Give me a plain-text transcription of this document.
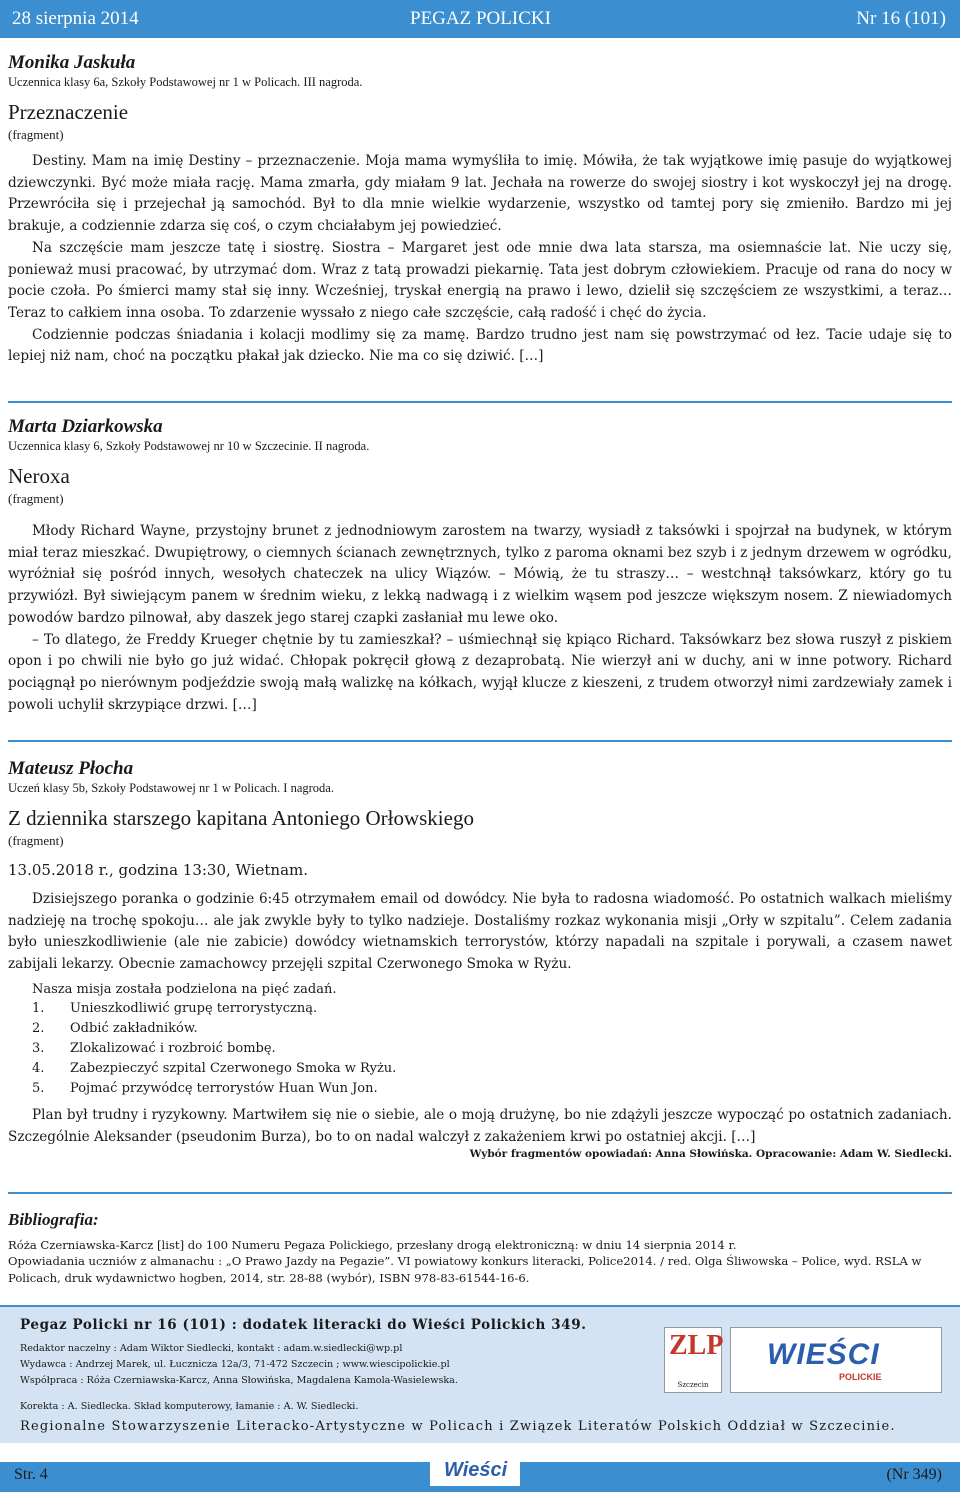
28 sierpnia 2014	PEGAZ POLICKI	Nr 16 (101)

Monika Jaskuła

Uczennica klasy 6a, Szkoły Podstawowej nr 1 w Policach. III nagroda.

Przeznaczenie

(fragment)

Destiny. Mam na imię Destiny – przeznaczenie. Moja mama wymyśliła to imię. Mówiła, że tak wyjątkowe imię pasuje do wyjątkowej dziewczynki. Być może miała rację. Mama zmarła, gdy miałam 9 lat. Jechała na rowerze do swojej siostry i kot wyskoczył jej na drogę. Przewróciła się i przejechał ją samochód. Był to dla mnie wielkie wydarzenie, wszystko od tamtej pory się zmieniło. Bardzo mi jej brakuje, a codziennie zdarza się coś, o czym chciałabym jej powiedzieć.

Na szczęście mam jeszcze tatę i siostrę. Siostra – Margaret jest ode mnie dwa lata starsza, ma osiemnaście lat. Nie uczy się, ponieważ musi pracować, by utrzymać dom. Wraz z tatą prowadzi piekarnię. Tata jest dobrym człowiekiem. Pracuje od rana do nocy w pocie czoła. Po śmierci mamy stał się inny. Wcześniej, tryskał energią na prawo i lewo, dzielił się szczęściem ze wszystkimi, a teraz… Teraz to całkiem inna osoba. To zdarzenie wyssało z niego całe szczęście, całą radość i chęć do życia.

Codziennie podczas śniadania i kolacji modlimy się za mamę. Bardzo trudno jest nam się powstrzymać od łez. Tacie udaje się to lepiej niż nam, choć na początku płakał jak dziecko. Nie ma co się dziwić. […]

Marta Dziarkowska

Uczennica klasy 6, Szkoły Podstawowej nr 10 w Szczecinie. II nagroda.

Neroxa

(fragment)

Młody Richard Wayne, przystojny brunet z jednodniowym zarostem na twarzy, wysiadł z taksówki i spojrzał na budynek, w którym miał teraz mieszkać. Dwupiętrowy, o ciemnych ścianach zewnętrznych, tylko z paroma oknami bez szyb i z jednym drzewem w ogródku, wyróżniał się pośród innych, wesołych chateczek na ulicy Wiązów. – Mówią, że tu straszy… – westchnął taksówkarz, który go tu przywiózł. Był siwiejącym panem w średnim wieku, z lekką nadwagą i z wielkim wąsem pod jeszcze większym nosem. Z niewiadomych powodów bardzo pilnował, aby daszek jego starej czapki zasłaniał mu lewe oko.

– To dlatego, że Freddy Krueger chętnie by tu zamieszkał? – uśmiechnął się kpiąco Richard. Taksówkarz bez słowa ruszył z piskiem opon i po chwili nie było go już widać. Chłopak pokręcił głową z dezaprobatą. Nie wierzył ani w duchy, ani w inne potwory. Richard pociągnął po nierównym podjeździe swoją małą walizkę na kółkach, wyjął klucze z kieszeni, z trudem otworzył nimi zardzewiały zamek i powoli uchylił skrzypiące drzwi. […]

Mateusz Płocha

Uczeń klasy 5b, Szkoły Podstawowej nr 1 w Policach. I nagroda.

Z dziennika starszego kapitana Antoniego Orłowskiego

(fragment)

13.05.2018 r., godzina 13:30, Wietnam.

Dzisiejszego poranka o godzinie 6:45 otrzymałem email od dowódcy. Nie była to radosna wiadomość. Po ostatnich walkach mieliśmy nadzieję na trochę spokoju… ale jak zwykle były to tylko nadzieje. Dostaliśmy rozkaz wykonania misji „Orły w szpitalu”. Celem zadania było unieszkodliwienie (ale nie zabicie) dowódcy wietnamskich terrorystów, którzy napadali na szpitale i porywali, a czasem nawet zabijali lekarzy. Obecnie zamachowcy przejęli szpital Czerwonego Smoka w Ryżu.

Nasza misja została podzielona na pięć zadań.

1. Unieszkodliwić grupę terrorystyczną.
2. Odbić zakładników.
3. Zlokalizować i rozbroić bombę.
4. Zabezpieczyć szpital Czerwonego Smoka w Ryżu.
5. Pojmać przywódcę terrorystów Huan Wun Jon.

Plan był trudny i ryzykowny. Martwiłem się nie o siebie, ale o moją drużynę, bo nie zdążyli jeszcze wypocząć po ostatnich zadaniach. Szczególnie Aleksander (pseudonim Burza), bo to on nadal walczył z zakażeniem krwi po ostatniej akcji. […]

Wybór fragmentów opowiadań: Anna Słowińska. Opracowanie: Adam W. Siedlecki.

Bibliografia:

Róża Czerniawska-Karcz [list] do 100 Numeru Pegaza Polickiego, przesłany drogą elektroniczną: w dniu 14 sierpnia 2014 r.

Opowiadania uczniów z almanachu : „O Prawo Jazdy na Pegazie”. VI powiatowy konkurs literacki, Police2014. / red. Olga Śliwowska – Police, wyd. RSLA w Policach, druk wydawnictwo hogben, 2014, str. 28-88 (wybór), ISBN 978-83-61544-16-6.

Pegaz Policki nr 16 (101) : dodatek literacki do Wieści Polickich 349.
Redaktor naczelny : Adam Wiktor Siedlecki, kontakt : adam.w.siedlecki@wp.pl
Wydawca : Andrzej Marek, ul. Łucznicza 12a/3, 71-472 Szczecin ; www.wiescipolickie.pl
Współpraca : Róża Czerniawska-Karcz, Anna Słowińska, Magdalena Kamola-Wasielewska.
Korekta : A. Siedlecka. Skład komputerowy, łamanie : A. W. Siedlecki.
Regionalne Stowarzyszenie Literacko-Artystyczne w Policach i Związek Literatów Polskich Oddział w Szczecinie.
ZLP
Szczecin
WIEŚCI
POLICKIE
Str. 4	Wieści	(Nr 349)
